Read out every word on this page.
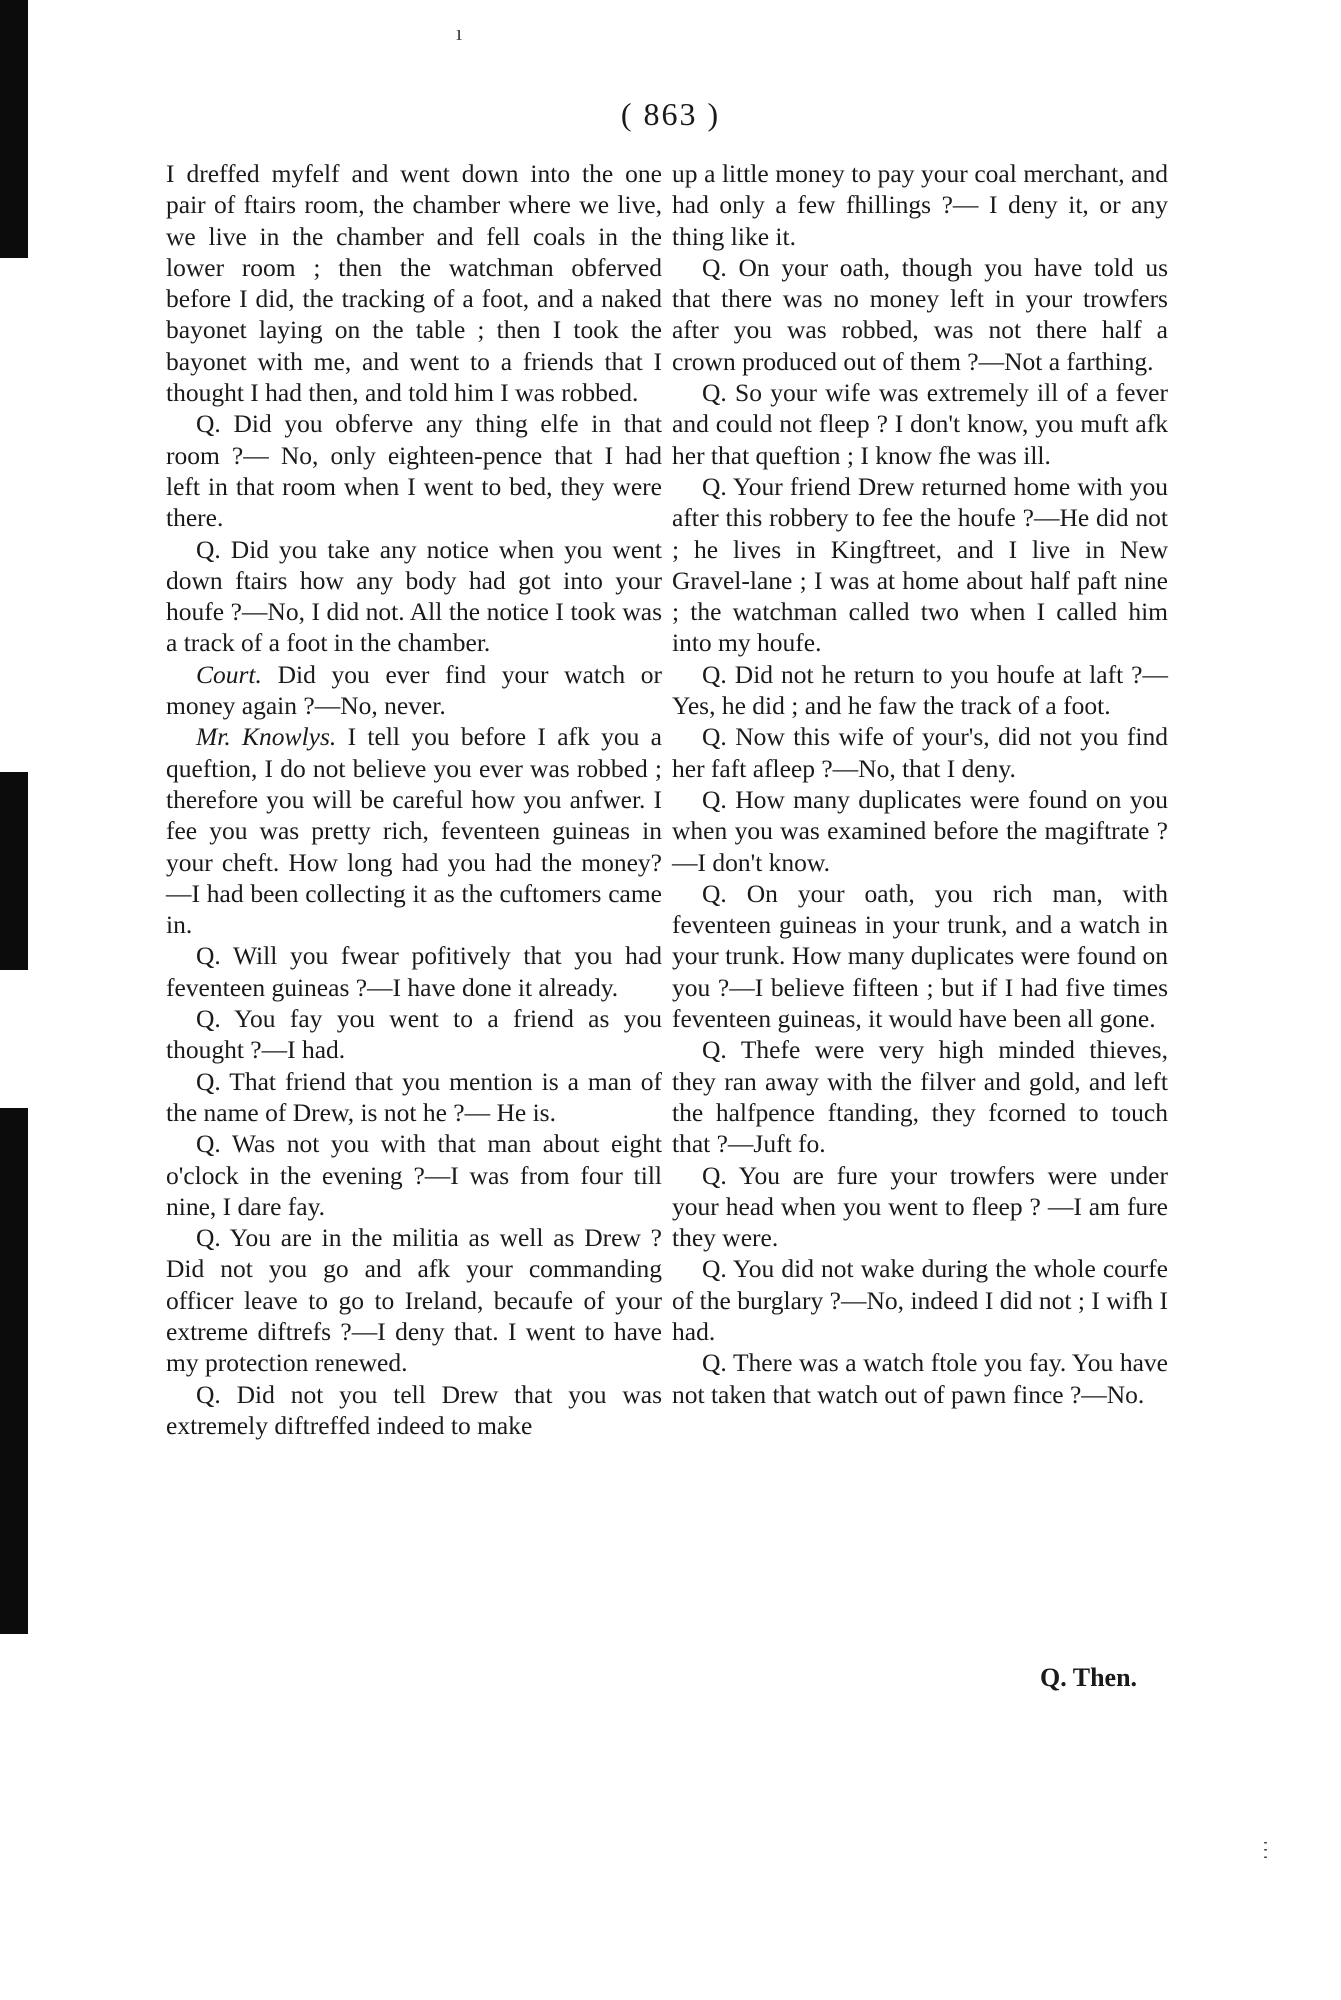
ı
ⵗ
( 863 )

I dreffed myfelf and went down into the one pair of ftairs room, the chamber where we live, we live in the chamber and fell coals in the lower room ; then the watchman obferved before I did, the tracking of a foot, and a naked bayonet laying on the table ; then I took the bayonet with me, and went to a friends that I thought I had then, and told him I was robbed.

Q. Did you obferve any thing elfe in that room ?— No, only eighteen-pence that I had left in that room when I went to bed, they were there.

Q. Did you take any notice when you went down ftairs how any body had got into your houfe ?—No, I did not. All the notice I took was a track of a foot in the chamber.

Court. Did you ever find your watch or money again ?—No, never.

Mr. Knowlys. I tell you before I afk you a queftion, I do not believe you ever was robbed ; therefore you will be careful how you anfwer. I fee you was pretty rich, feventeen guineas in your cheft. How long had you had the money? —I had been collecting it as the cuftomers came in.

Q. Will you fwear pofitively that you had feventeen guineas ?—I have done it already.

Q. You fay you went to a friend as you thought ?—I had.

Q. That friend that you mention is a man of the name of Drew, is not he ?— He is.

Q. Was not you with that man about eight o'clock in the evening ?—I was from four till nine, I dare fay.

Q. You are in the militia as well as Drew ? Did not you go and afk your commanding officer leave to go to Ireland, becaufe of your extreme diftrefs ?—I deny that. I went to have my protection renewed.

Q. Did not you tell Drew that you was extremely diftreffed indeed to make

up a little money to pay your coal merchant, and had only a few fhillings ?— I deny it, or any thing like it.

Q. On your oath, though you have told us that there was no money left in your trowfers after you was robbed, was not there half a crown produced out of them ?—Not a farthing.

Q. So your wife was extremely ill of a fever and could not fleep ? I don't know, you muft afk her that queftion ; I know fhe was ill.

Q. Your friend Drew returned home with you after this robbery to fee the houfe ?—He did not ; he lives in Kingftreet, and I live in New Gravel-lane ; I was at home about half paft nine ; the watchman called two when I called him into my houfe.

Q. Did not he return to you houfe at laft ?—Yes, he did ; and he faw the track of a foot.

Q. Now this wife of your's, did not you find her faft afleep ?—No, that I deny.

Q. How many duplicates were found on you when you was examined before the magiftrate ? —I don't know.

Q. On your oath, you rich man, with feventeen guineas in your trunk, and a watch in your trunk. How many duplicates were found on you ?—I believe fifteen ; but if I had five times feventeen guineas, it would have been all gone.

Q. Thefe were very high minded thieves, they ran away with the filver and gold, and left the halfpence ftanding, they fcorned to touch that ?—Juft fo.

Q. You are fure your trowfers were under your head when you went to fleep ? —I am fure they were.

Q. You did not wake during the whole courfe of the burglary ?—No, indeed I did not ; I wifh I had.

Q. There was a watch ftole you fay. You have not taken that watch out of pawn fince ?—No.

Q. Then.
